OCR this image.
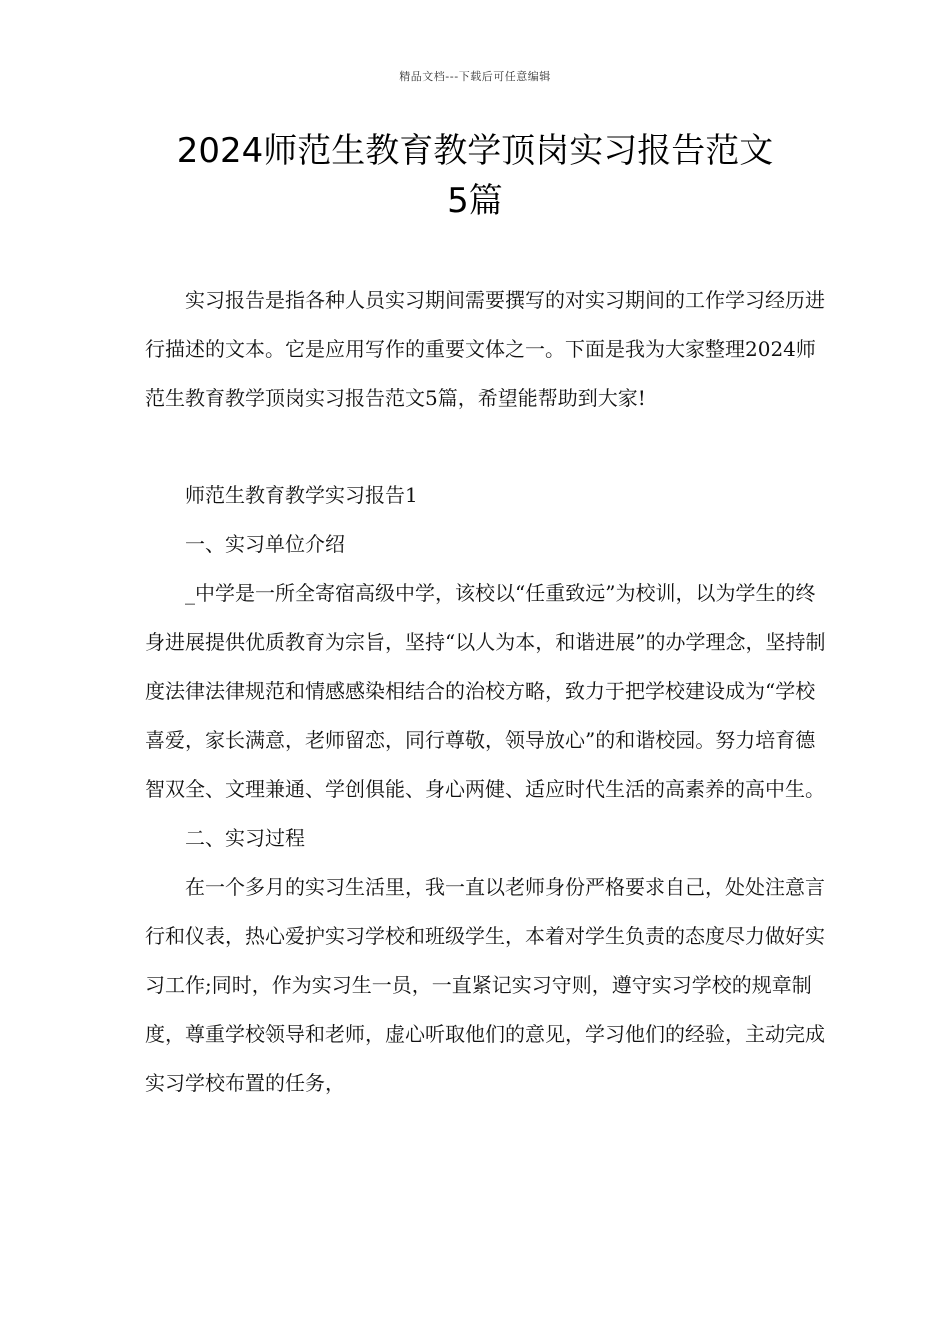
精品文档---下载后可任意编辑
2024师范生教育教学顶岗实习报告范文
5篇

实习报告是指各种人员实习期间需要撰写的对实习期间的工作学习经历进行描述的文本。它是应用写作的重要文体之一。下面是我为大家整理2024师范生教育教学顶岗实习报告范文5篇，希望能帮助到大家!

师范生教育教学实习报告1

一、实习单位介绍

_中学是一所全寄宿高级中学，该校以“任重致远”为校训，以为学生的终身进展提供优质教育为宗旨，坚持“以人为本，和谐进展”的办学理念，坚持制度法律法律规范和情感感染相结合的治校方略，致力于把学校建设成为“学校喜爱，家长满意，老师留恋，同行尊敬，领导放心”的和谐校园。努力培育德智双全、文理兼通、学创俱能、身心两健、适应时代生活的高素养的高中生。

二、实习过程

在一个多月的实习生活里，我一直以老师身份严格要求自己，处处注意言行和仪表，热心爱护实习学校和班级学生，本着对学生负责的态度尽力做好实习工作;同时，作为实习生一员，一直紧记实习守则，遵守实习学校的规章制度，尊重学校领导和老师，虚心听取他们的意见，学习他们的经验，主动完成实习学校布置的任务，
